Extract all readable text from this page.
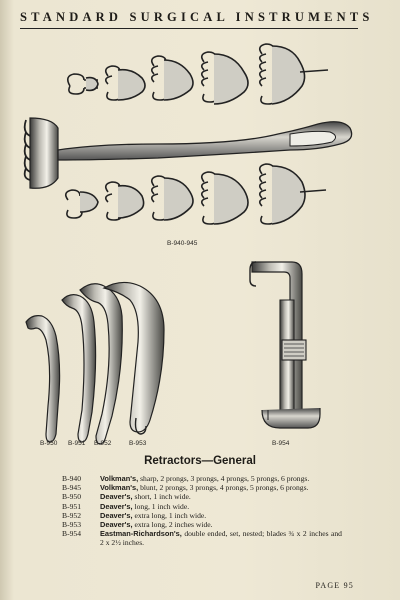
STANDARD SURGICAL INSTRUMENTS
B-940-945
B-950 B-951 B-952	B-953	B-954
Retractors—General
B-940	Volkman's, sharp, 2 prongs, 3 prongs, 4 prongs, 5 prongs, 6 prongs.
B-945	Volkman's, blunt, 2 prongs, 3 prongs, 4 prongs, 5 prongs, 6 prongs.
B-950	Deaver's, short, 1 inch wide.
B-951	Deaver's, long, 1 inch wide.
B-952	Deaver's, extra long, 1 inch wide.
B-953	Deaver's, extra long, 2 inches wide.
B-954	Eastman-Richardson's, double ended, set, nested; blades ¾ x 2 inches and 2 x 2½ inches.
PAGE 95
